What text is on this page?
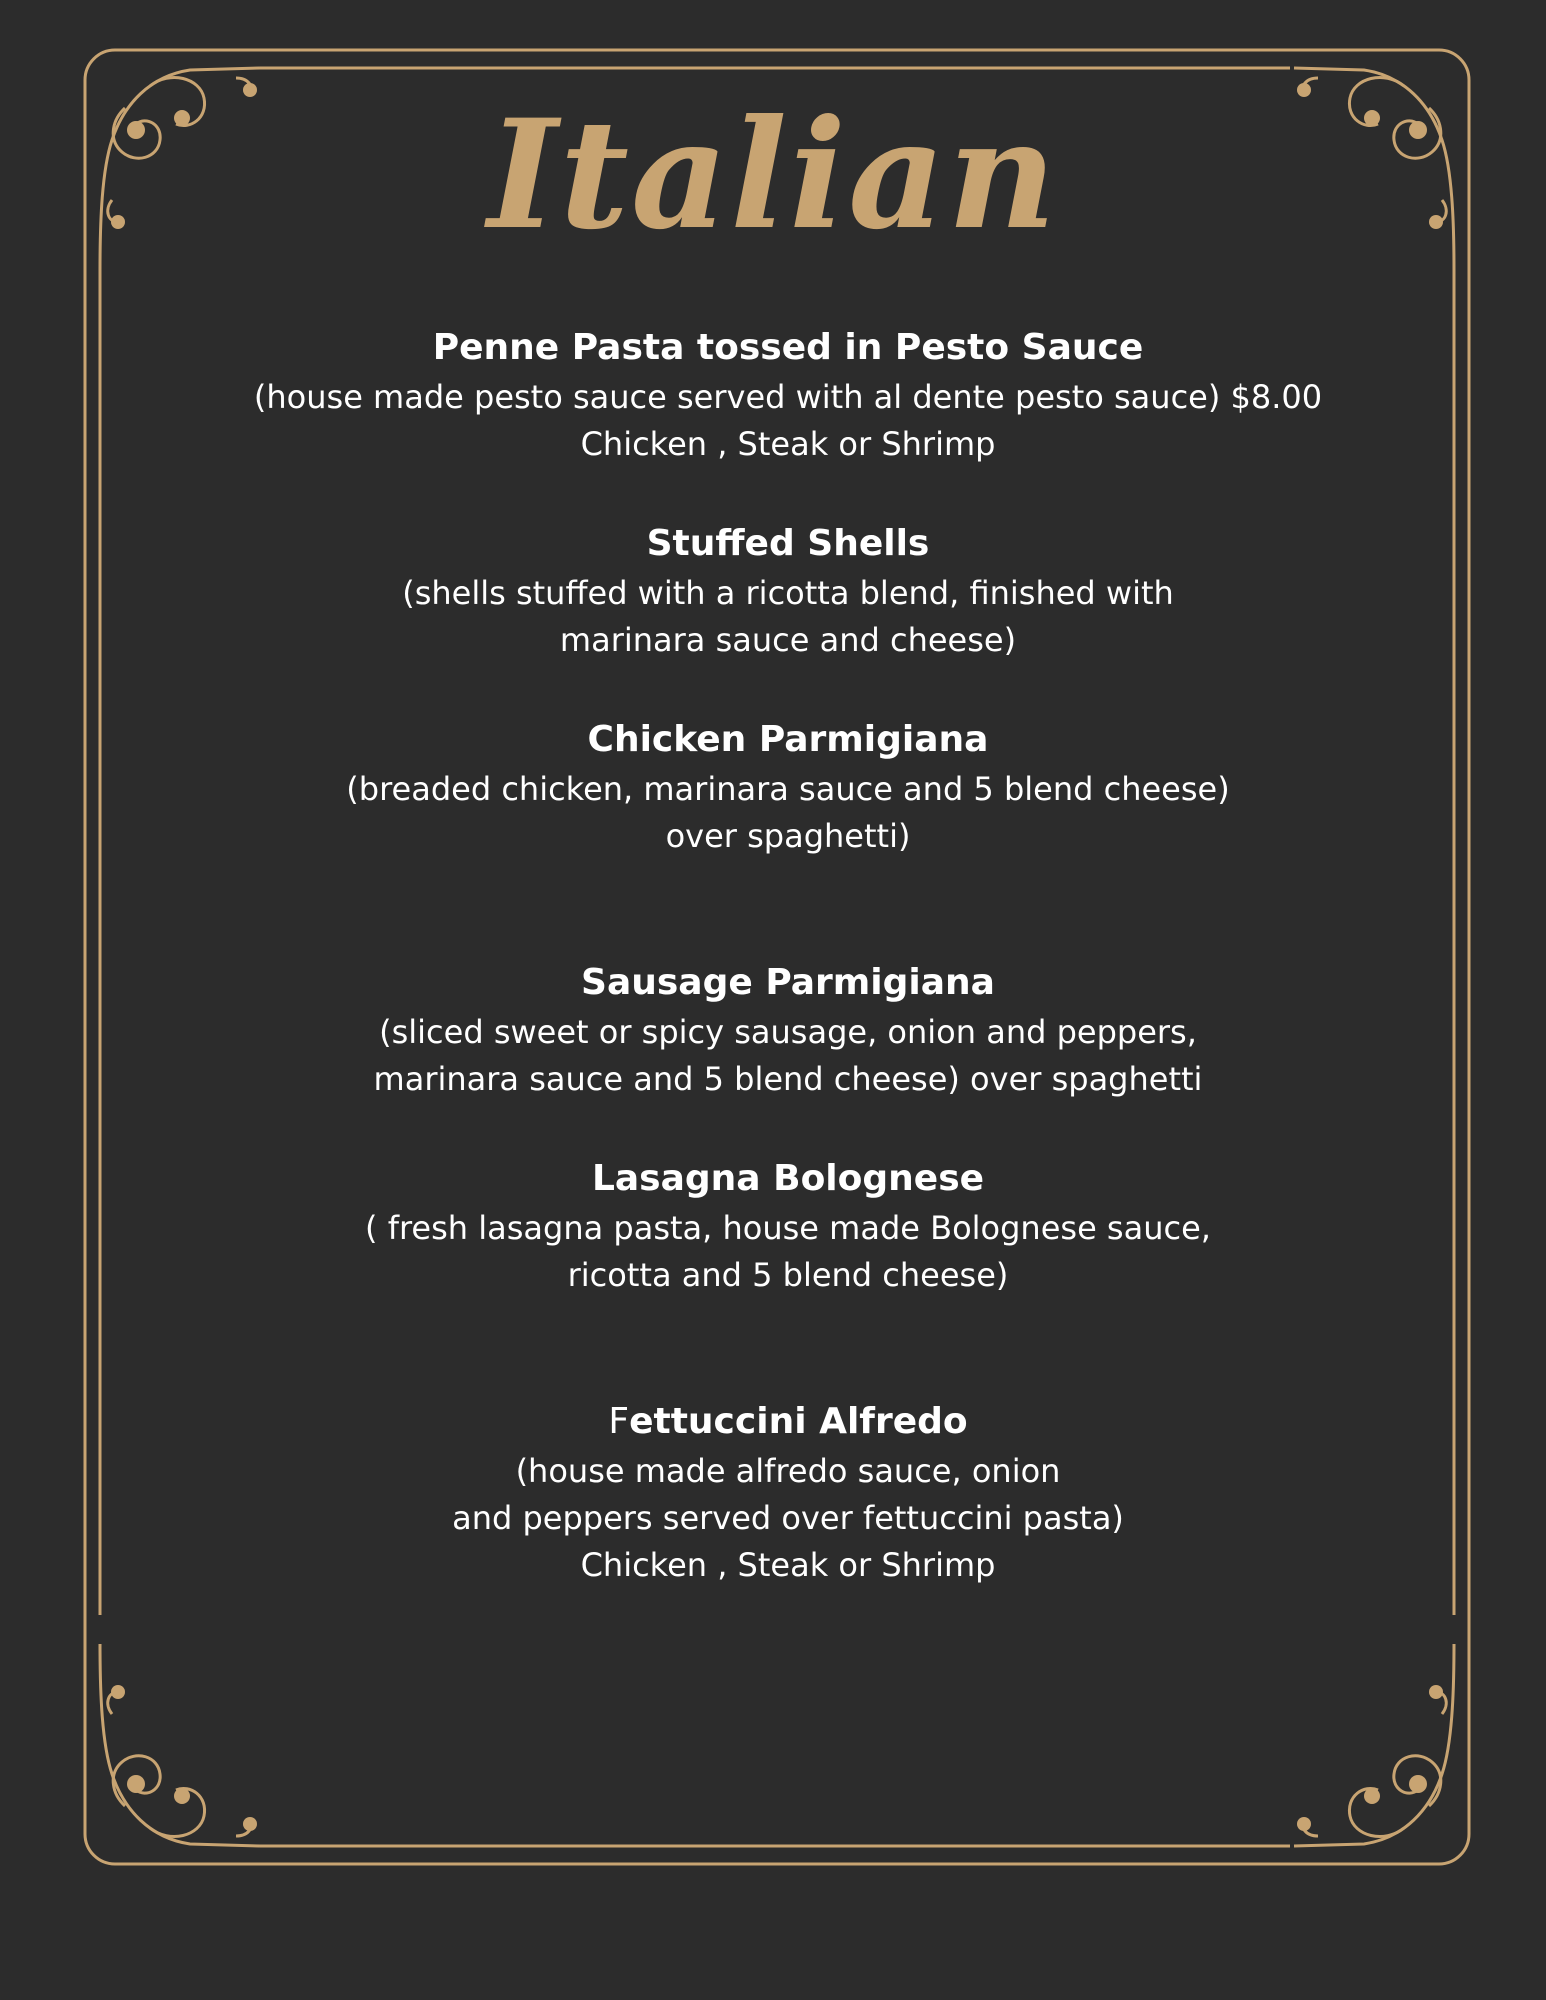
Italian

Penne Pasta tossed in Pesto Sauce

(house made pesto sauce served with al dente pesto sauce) $8.00

Chicken , Steak or Shrimp

Stuffed Shells

(shells stuffed with a ricotta blend, finished with

marinara sauce and cheese)

Chicken Parmigiana

(breaded chicken, marinara sauce and 5 blend cheese)

over spaghetti)

Sausage Parmigiana

(sliced sweet or spicy sausage, onion and peppers,

marinara sauce and 5 blend cheese) over spaghetti

Lasagna Bolognese

( fresh lasagna pasta, house made Bolognese sauce,

ricotta and 5 blend cheese)

Fettuccini Alfredo

(house made alfredo sauce, onion

and peppers served over fettuccini pasta)

Chicken , Steak or Shrimp
